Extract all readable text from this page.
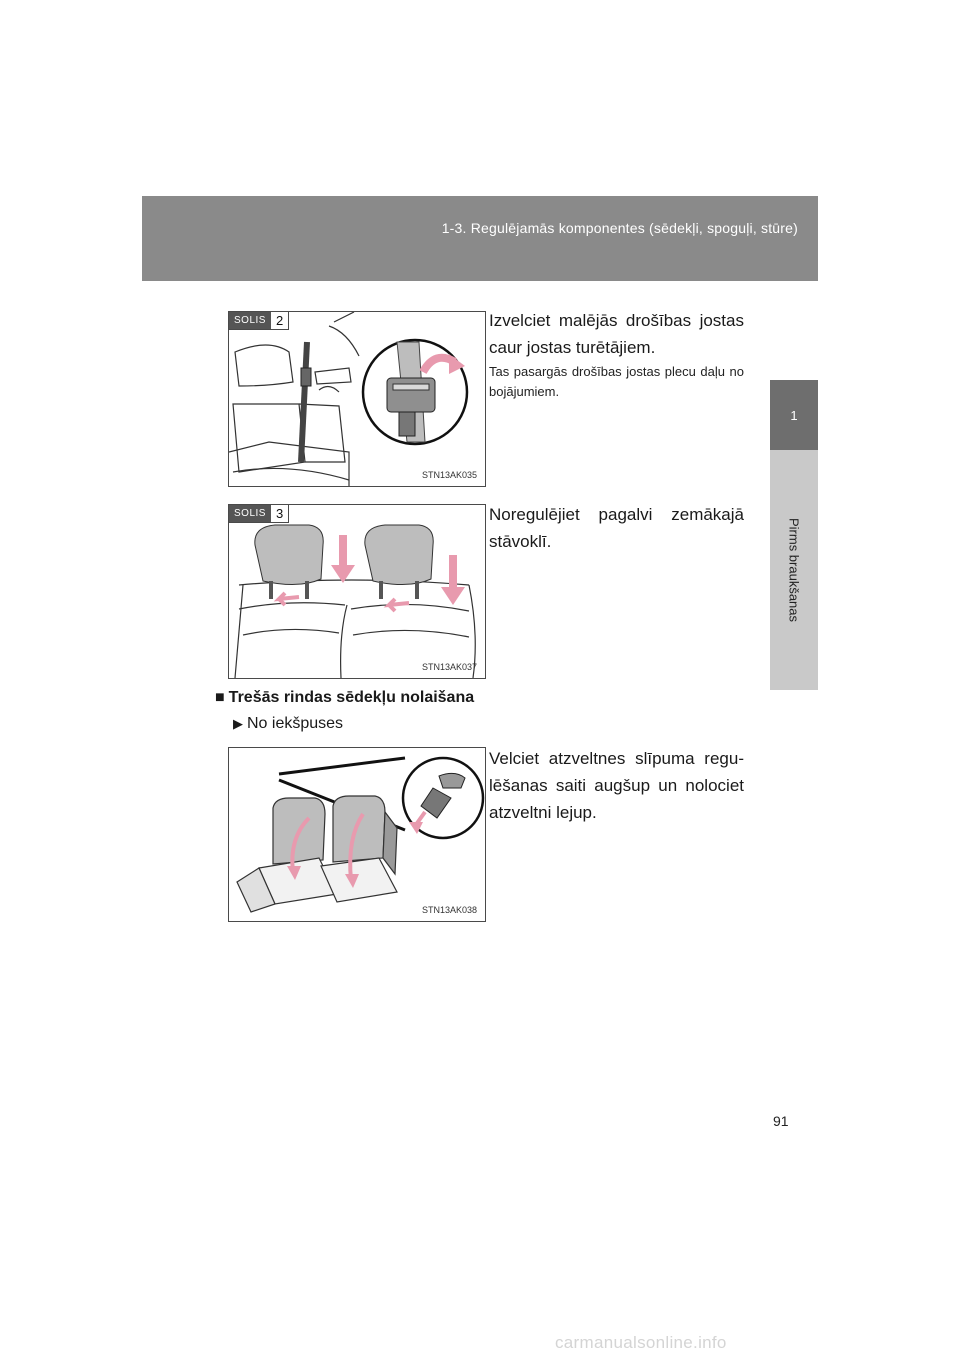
1-3. Regulējamās komponentes (sēdekļi, spoguļi, stūre)
1
Pirms braukšanas
SOLIS 2
STN13AK035
Izvelciet malējās drošības jostas caur jostas turētājiem.
Tas pasargās drošības jostas plecu daļu no bojājumiem.
SOLIS 3
STN13AK037
Noregulējiet pagalvi zemākajā stāvoklī.
■ Trešās rindas sēdekļu nolaišana
▶ No iekšpuses
STN13AK038
Velciet atzveltnes slīpuma regu-lēšanas saiti augšup un nolociet atzveltni lejup.
91
carmanualsonline.info
